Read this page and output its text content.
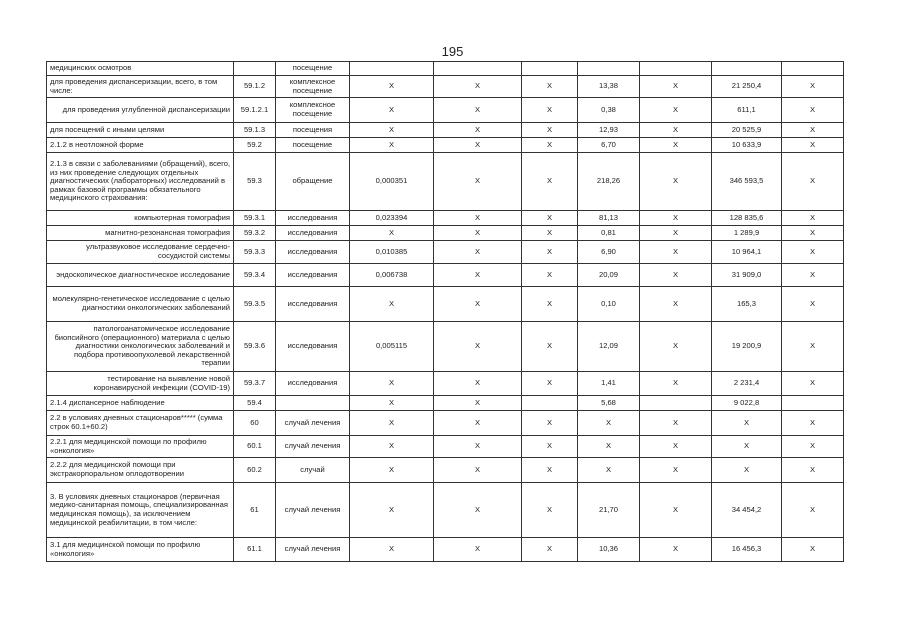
195
медицинских осмотров		посещение							
для проведения диспансеризации, всего, в том числе:	59.1.2	комплексное посещение	X	X	X	13,38	X	21 250,4	X
для проведения углубленной диспансеризации	59.1.2.1	комплексное посещение	X	X	X	0,38	X	611,1	X
для посещений с иными целями	59.1.3	посещения	X	X	X	12,93	X	20 525,9	X
2.1.2 в неотложной форме	59.2	посещение	X	X	X	6,70	X	10 633,9	X
2.1.3 в связи с заболеваниями (обращений), всего, из них проведение следующих отдельных диагностических (лабораторных) исследований в рамках базовой программы обязательного медицинского страхования:	59.3	обращение	0,000351	X	X	218,26	X	346 593,5	X
компьютерная томография	59.3.1	исследования	0,023394	X	X	81,13	X	128 835,6	X
магнитно-резонансная томография	59.3.2	исследования	X	X	X	0,81	X	1 289,9	X
ультразвуковое исследование сердечно-сосудистой системы	59.3.3	исследования	0,010385	X	X	6,90	X	10 964,1	X
эндоскопическое диагностическое исследование	59.3.4	исследования	0,006738	X	X	20,09	X	31 909,0	X
молекулярно-генетическое исследование с целью диагностики онкологических заболеваний	59.3.5	исследования	X	X	X	0,10	X	165,3	X
патологоанатомическое исследование биопсийного (операционного) материала с целью диагностики онкологических заболеваний и подбора противоопухолевой лекарственной терапии	59.3.6	исследования	0,005115	X	X	12,09	X	19 200,9	X
тестирование на выявление новой коронавирусной инфекции (COVID-19)	59.3.7	исследования	X	X	X	1,41	X	2 231,4	X
2.1.4 диспансерное наблюдение	59.4		X	X		5,68		9 022,8	
2.2 в условиях дневных стационаров***** (сумма строк 60.1+60.2)	60	случай лечения	X	X	X	X	X	X	X
2.2.1 для медицинской помощи по профилю «онкология»	60.1	случай лечения	X	X	X	X	X	X	X
2.2.2 для медицинской помощи при экстракорпоральном оплодотворении	60.2	случай	X	X	X	X	X	X	X
3. В условиях дневных стационаров (первичная медико-санитарная помощь, специализированная медицинская помощь), за исключением медицинской реабилитации, в том числе:	61	случай лечения	X	X	X	21,70	X	34 454,2	X
3.1 для медицинской помощи по профилю «онкология»	61.1	случай лечения	X	X	X	10,36	X	16 456,3	X
